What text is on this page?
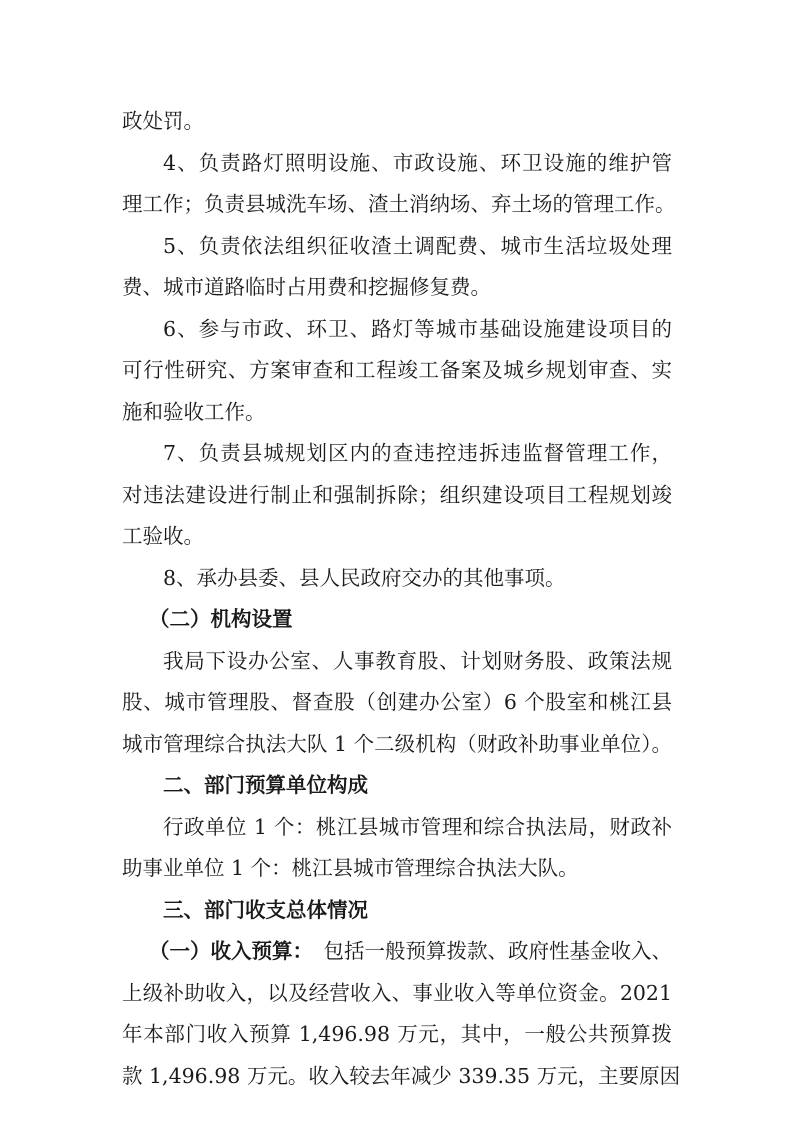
政处罚。
4、负责路灯照明设施、市政设施、环卫设施的维护管
理工作；负责县城洗车场、渣土消纳场、弃土场的管理工作。
5、负责依法组织征收渣土调配费、城市生活垃圾处理
费、城市道路临时占用费和挖掘修复费。
6、参与市政、环卫、路灯等城市基础设施建设项目的
可行性研究、方案审查和工程竣工备案及城乡规划审查、实
施和验收工作。
7、负责县城规划区内的查违控违拆违监督管理工作，
对违法建设进行制止和强制拆除；组织建设项目工程规划竣
工验收。
8、承办县委、县人民政府交办的其他事项。
（二）机构设置
我局下设办公室、人事教育股、计划财务股、政策法规
股、城市管理股、督查股（创建办公室）6 个股室和桃江县
城市管理综合执法大队 1 个二级机构（财政补助事业单位）。
二、部门预算单位构成
行政单位 1 个：桃江县城市管理和综合执法局，财政补
助事业单位 1 个：桃江县城市管理综合执法大队。
三、部门收支总体情况
（一）收入预算： 包括一般预算拨款、政府性基金收入、
上级补助收入，以及经营收入、事业收入等单位资金。2021
年本部门收入预算 1,496.98 万元，其中，一般公共预算拨
款 1,496.98 万元。收入较去年减少 339.35 万元，主要原因
